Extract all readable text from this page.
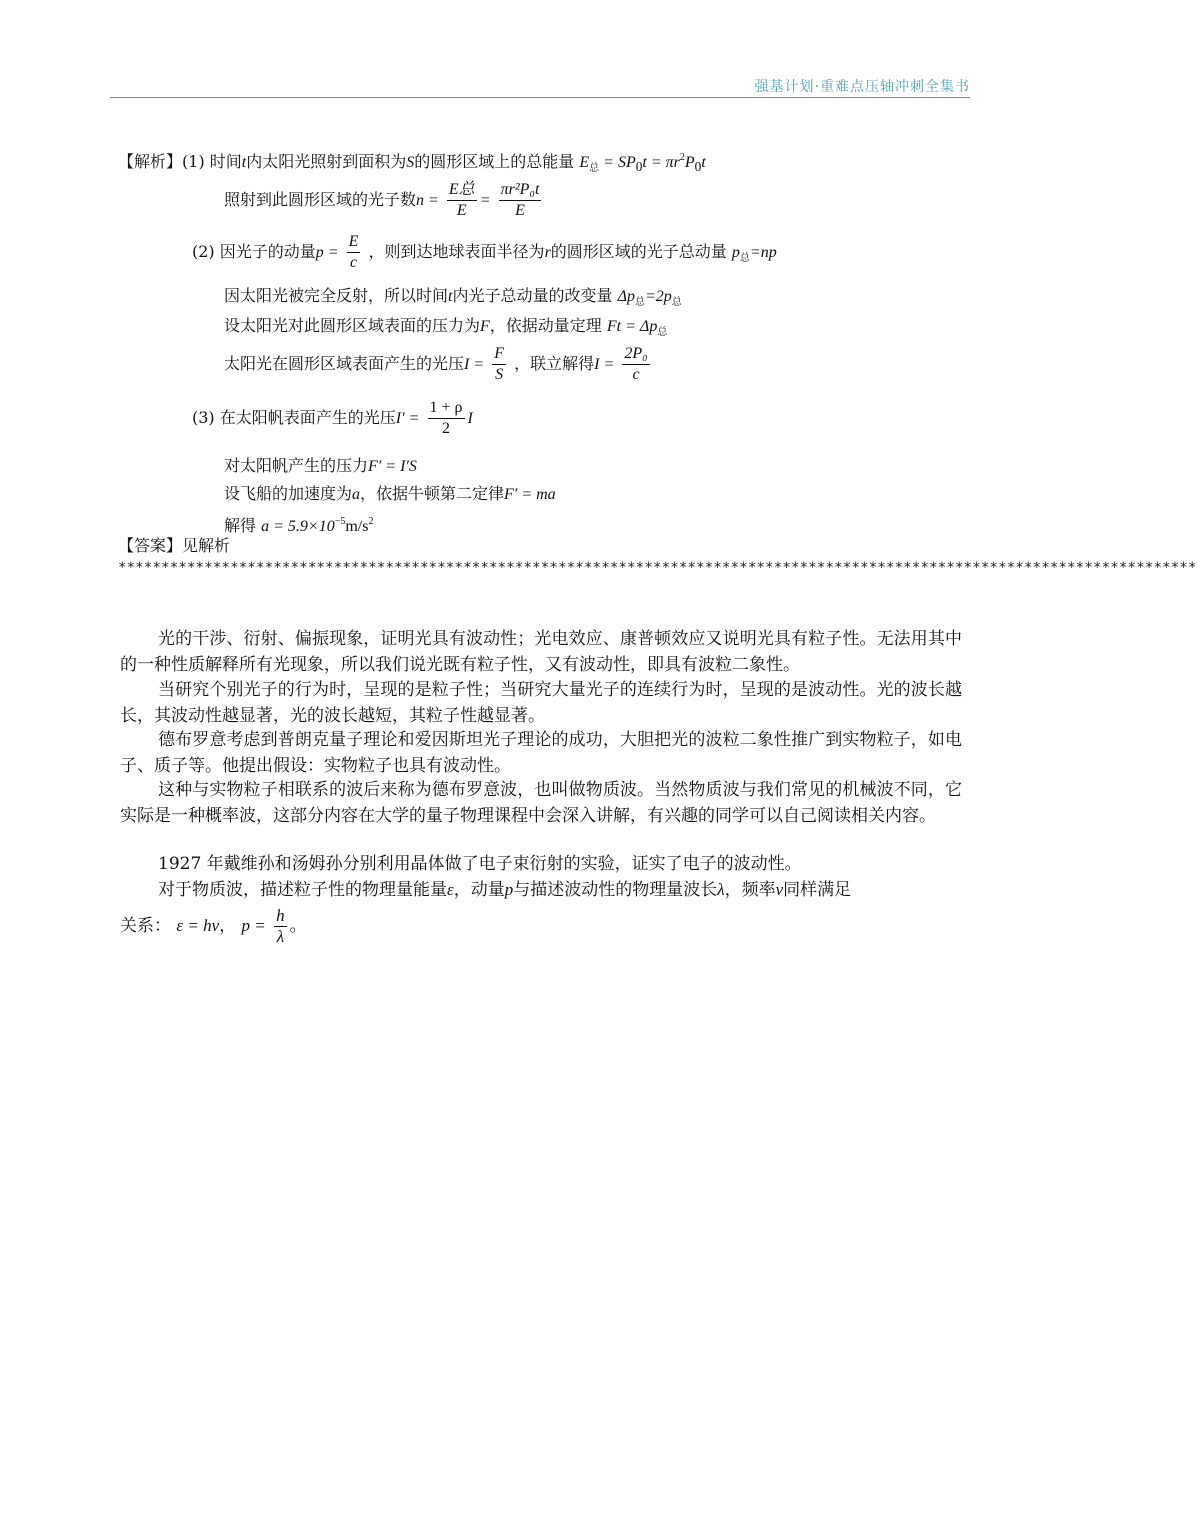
强基计划·重难点压轴冲刺全集书
【解析】(1) 时间t内太阳光照射到面积为S的圆形区域上的总能量 $E_总 = SP_0t = \pi r^2P_0t$
照射到此圆形区域的光子数$n = \frac{\text{E总}}{E} = \frac{\text{πr²P₀t}}{E}$
(2) 因光子的动量$p = \frac{E}{c}$ ，则到达地球表面半径为r的圆形区域的光子总动量 $p_总=np$
因太阳光被完全反射，所以时间t内光子总动量的改变量 $\Delta p_总=2p_总$
设太阳光对此圆形区域表面的压力为F，依据动量定理 $Ft = \Delta p_总$
太阳光在圆形区域表面产生的光压$I = \frac{F}{S}$ ，联立解得$I = \frac{\text{2P₀}}{c}$
(3) 在太阳帆表面产生的光压$I' = \frac{1 + \rho}{2}$ I
对太阳帆产生的压力F′ = I′S
设飞船的加速度为a，依据牛顿第二定律F′ = ma
解得 $a = 5.9\times 10^{-5}m/s^2$
【答案】见解析
*****************************************************************************************************************************
光的干涉、衍射、偏振现象，证明光具有波动性；光电效应、康普顿效应又说明光具有粒子性。无法用其中的一种性质解释所有光现象，所以我们说光既有粒子性，又有波动性，即具有波粒二象性。
当研究个别光子的行为时，呈现的是粒子性；当研究大量光子的连续行为时，呈现的是波动性。光的波长越长，其波动性越显著，光的波长越短，其粒子性越显著。
德布罗意考虑到普朗克量子理论和爱因斯坦光子理论的成功，大胆把光的波粒二象性推广到实物粒子，如电子、质子等。他提出假设：实物粒子也具有波动性。
这种与实物粒子相联系的波后来称为德布罗意波，也叫做物质波。当然物质波与我们常见的机械波不同，它实际是一种概率波，这部分内容在大学的量子物理课程中会深入讲解，有兴趣的同学可以自己阅读相关内容。
1927 年戴维孙和汤姆孙分别利用晶体做了电子束衍射的实验，证实了电子的波动性。
对于物质波，描述粒子性的物理量能量ε，动量p与描述波动性的物理量波长λ，频率ν同样满足
关系： ε = hν， $p = \frac{h}{\lambda}$ 。
